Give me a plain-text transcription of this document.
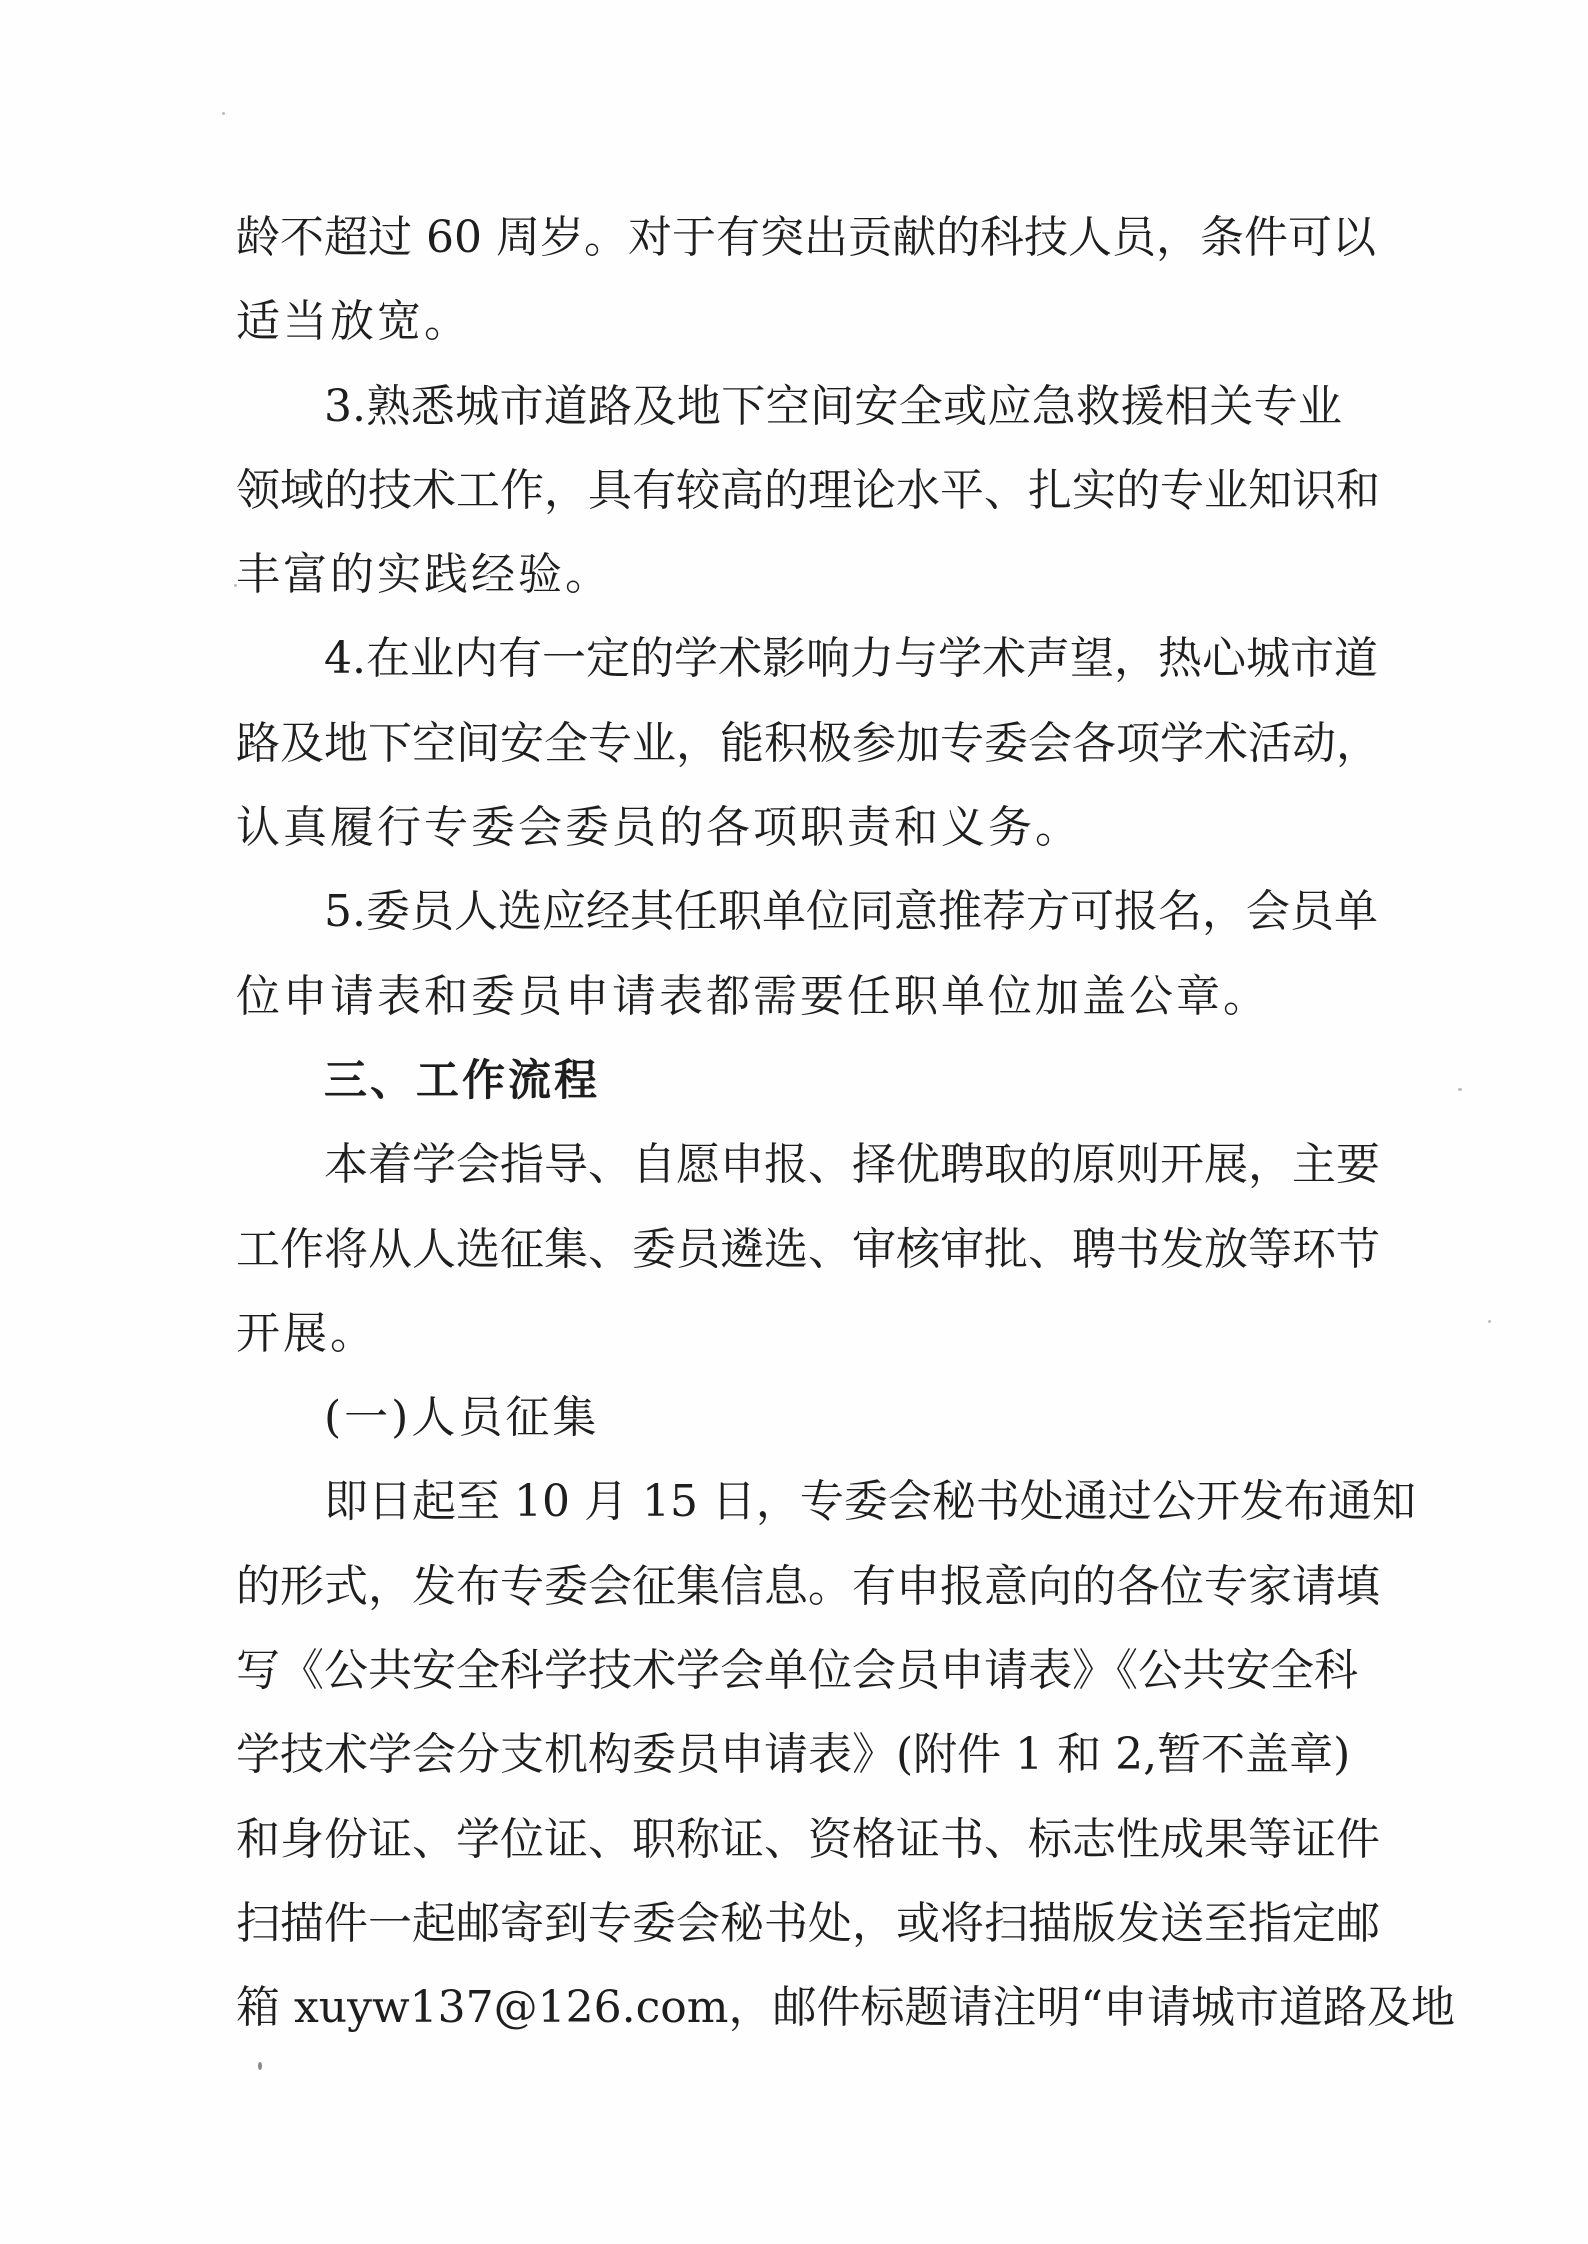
龄不超过 60 周岁。对于有突出贡献的科技人员，条件可以
适当放宽。
3.熟悉城市道路及地下空间安全或应急救援相关专业
领域的技术工作，具有较高的理论水平、扎实的专业知识和
丰富的实践经验。
4.在业内有一定的学术影响力与学术声望，热心城市道
路及地下空间安全专业，能积极参加专委会各项学术活动，
认真履行专委会委员的各项职责和义务。
5.委员人选应经其任职单位同意推荐方可报名，会员单
位申请表和委员申请表都需要任职单位加盖公章。
三、工作流程
本着学会指导、自愿申报、择优聘取的原则开展，主要
工作将从人选征集、委员遴选、审核审批、聘书发放等环节
开展。
(一)人员征集
即日起至 10 月 15 日，专委会秘书处通过公开发布通知
的形式，发布专委会征集信息。有申报意向的各位专家请填
写《公共安全科学技术学会单位会员申请表》《公共安全科
学技术学会分支机构委员申请表》(附件 1 和 2,暂不盖章)
和身份证、学位证、职称证、资格证书、标志性成果等证件
扫描件一起邮寄到专委会秘书处，或将扫描版发送至指定邮
箱 xuyw137@126.com，邮件标题请注明“申请城市道路及地
